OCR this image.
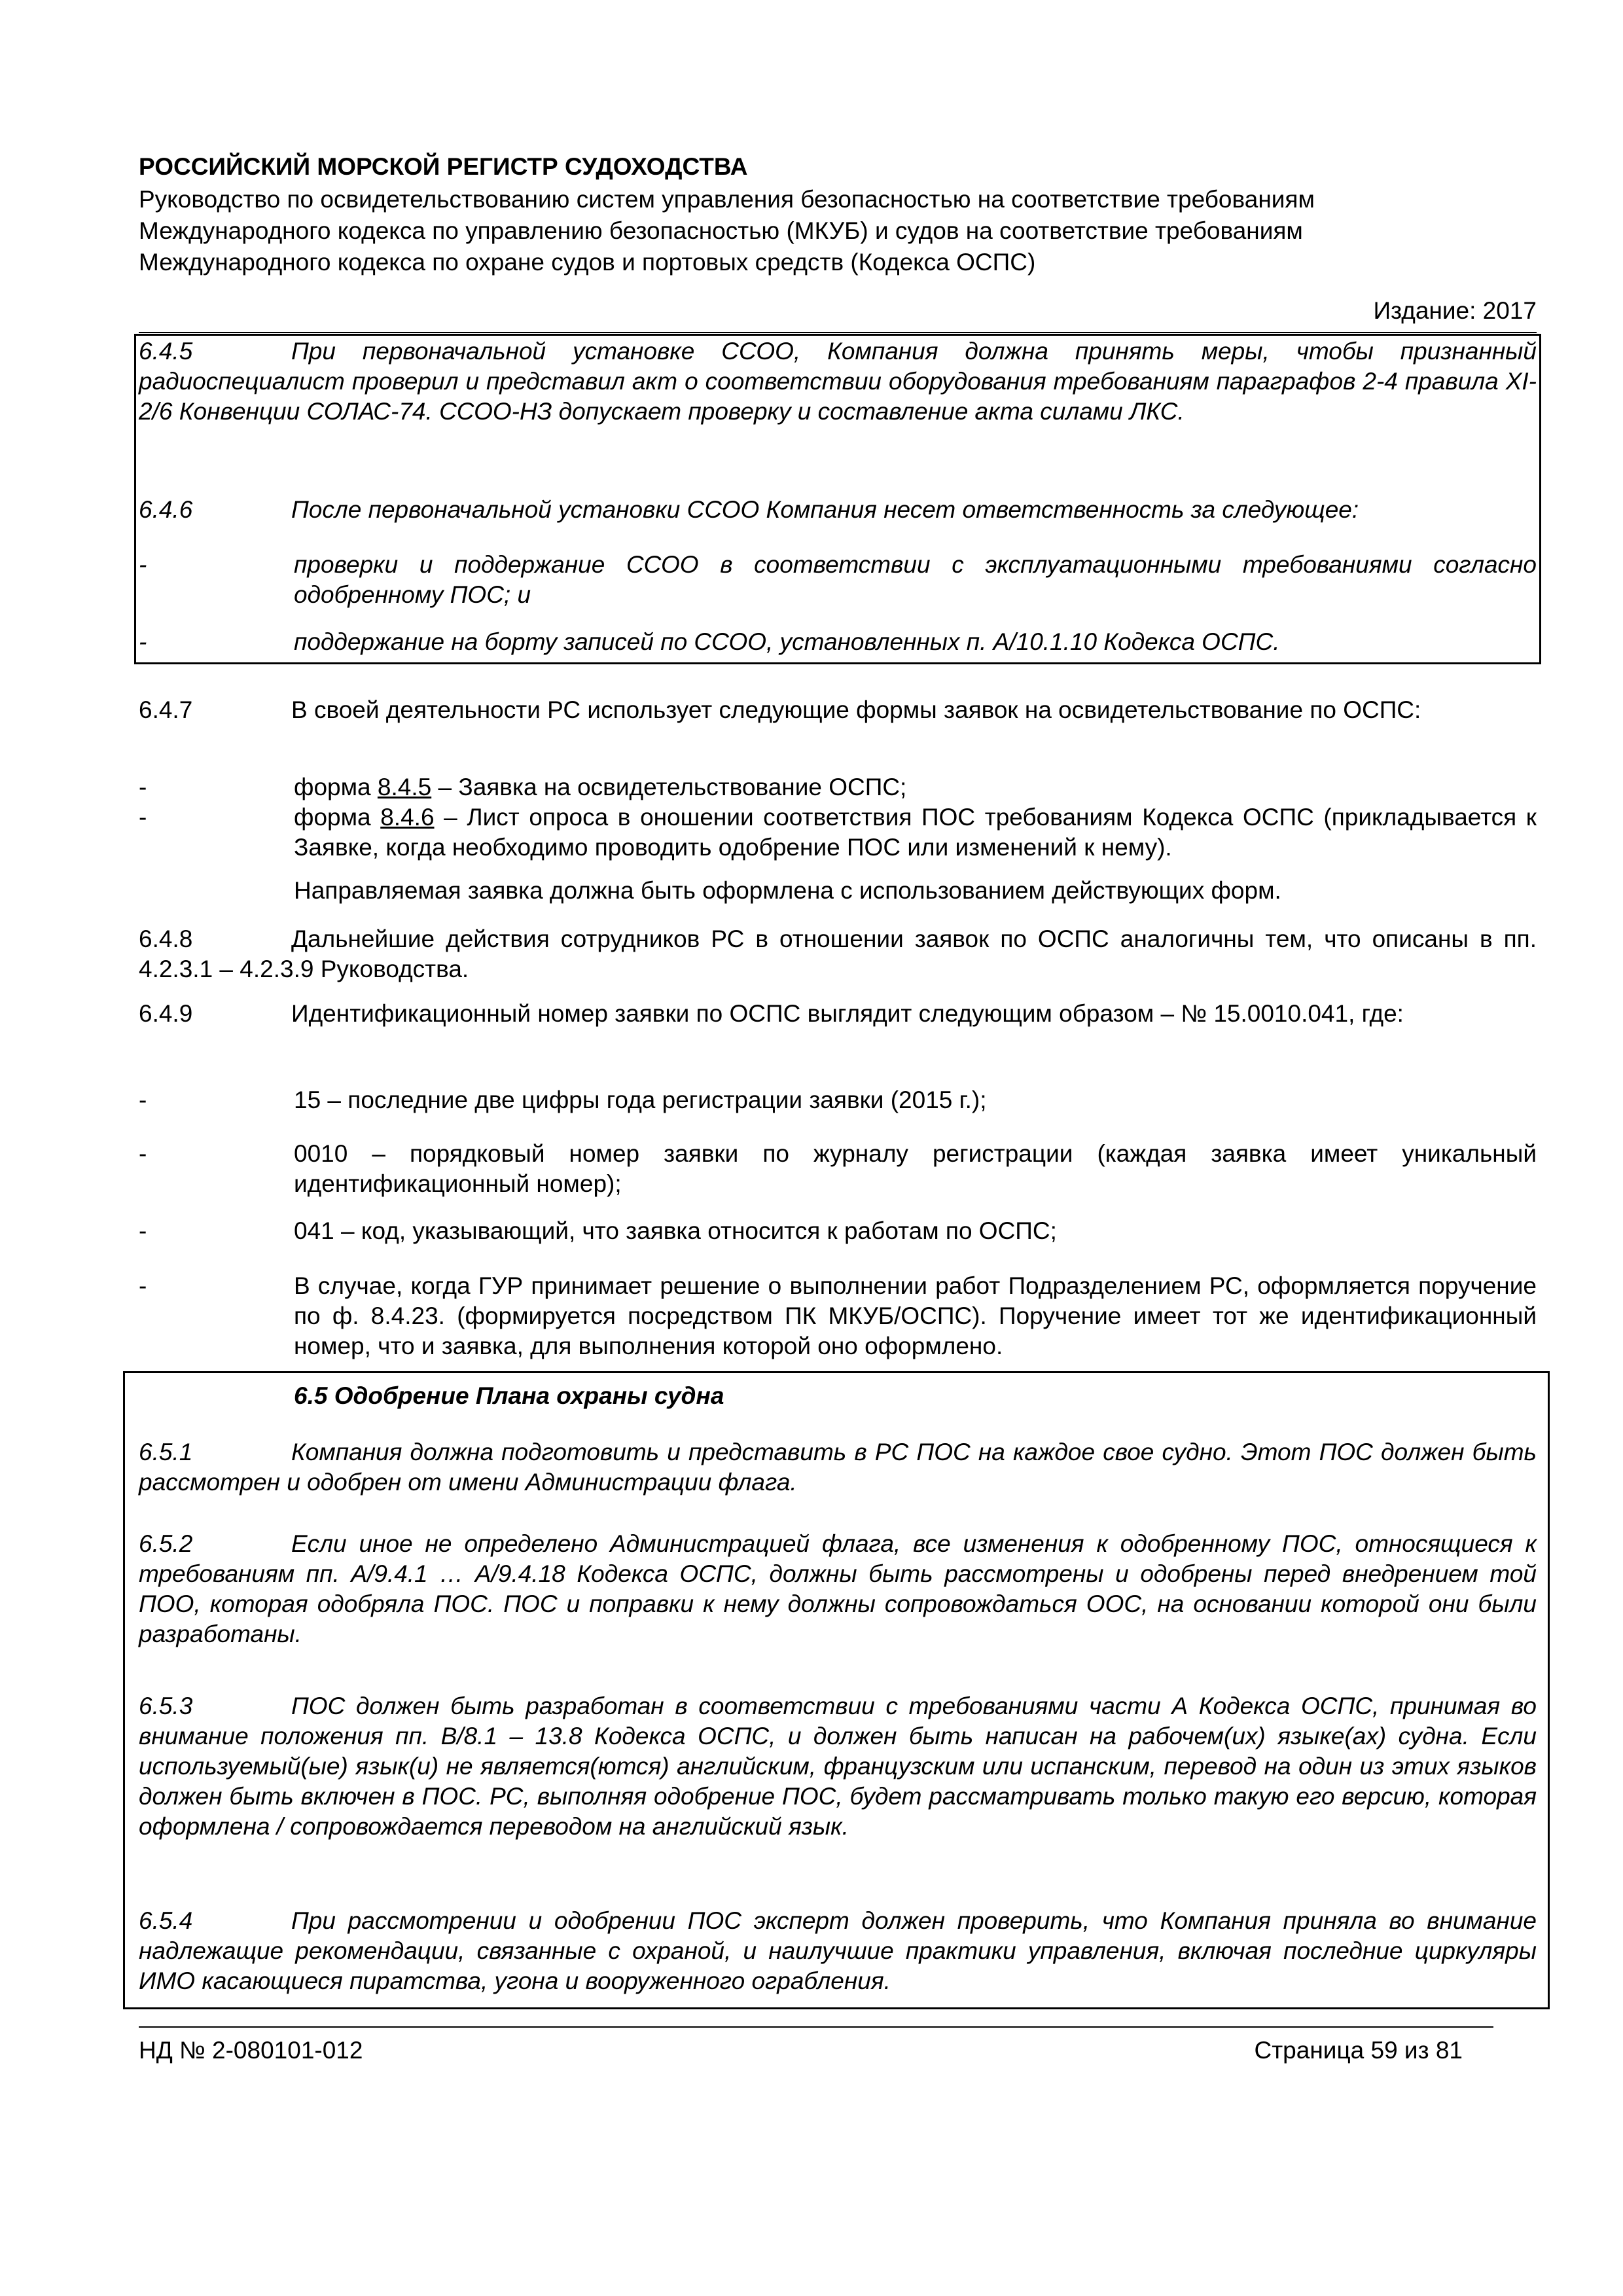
РОССИЙСКИЙ МОРСКОЙ РЕГИСТР СУДОХОДСТВА
Руководство по освидетельствованию систем управления безопасностью на соответствие требованиям
Международного кодекса по управлению безопасностью (МКУБ) и судов на соответствие требованиям
Международного кодекса по охране судов и портовых средств (Кодекса ОСПС)
Издание: 2017
6.4.5	При первоначальной установке ССОО, Компания должна принять меры, чтобы признанный радиоспециалист проверил и представил акт о соответствии оборудования требованиям параграфов 2-4 правила XI-2/6 Конвенции СОЛАС-74. ССОО-НЗ допускает проверку и составление акта силами ЛКС.
6.4.6	После первоначальной установки ССОО Компания несет ответственность за следующее:
-	проверки и поддержание ССОО в соответствии с эксплуатационными требованиями согласно одобренному ПОС; и
-	поддержание на борту записей по ССОО, установленных п. А/10.1.10 Кодекса ОСПС.
6.4.7	В своей деятельности РС использует следующие формы заявок на освидетельствование по ОСПС:
-	форма 8.4.5 – Заявка на освидетельствование ОСПС;
-	форма 8.4.6 – Лист опроса в оношении соответствия ПОС требованиям Кодекса ОСПС (прикладывается к Заявке, когда необходимо проводить одобрение ПОС или изменений к нему).
Направляемая заявка должна быть оформлена с использованием действующих форм.
6.4.8	Дальнейшие действия сотрудников РС в отношении заявок по ОСПС аналогичны тем, что описаны в пп. 4.2.3.1 – 4.2.3.9 Руководства.
6.4.9	Идентификационный номер заявки по ОСПС выглядит следующим образом – № 15.0010.041, где:
-	15 – последние две цифры года регистрации заявки (2015 г.);
-	0010 – порядковый номер заявки по журналу регистрации (каждая заявка имеет уникальный идентификационный номер);
-	041 – код, указывающий, что заявка относится к работам по ОСПС;
-	В случае, когда ГУР принимает решение о выполнении работ Подразделением РС, оформляется поручение по ф. 8.4.23. (формируется посредством ПК МКУБ/ОСПС). Поручение имеет тот же идентификационный номер, что и заявка, для выполнения которой оно оформлено.
6.5 Одобрение Плана охраны судна
6.5.1	Компания должна подготовить и представить в РС ПОС на каждое свое судно. Этот ПОС должен быть рассмотрен и одобрен от имени Администрации флага.
6.5.2	Если иное не определено Администрацией флага, все изменения к одобренному ПОС, относящиеся к требованиям пп. А/9.4.1 … А/9.4.18 Кодекса ОСПС, должны быть рассмотрены и одобрены перед внедрением той ПОО, которая одобряла ПОС. ПОС и поправки к нему должны сопровождаться ООС, на основании которой они были разработаны.
6.5.3	ПОС должен быть разработан в соответствии с требованиями части А Кодекса ОСПС, принимая во внимание положения пп. В/8.1 – 13.8 Кодекса ОСПС, и должен быть написан на рабочем(их) языке(ах) судна. Если используемый(ые) язык(и) не является(ются) английским, французским или испанским, перевод на один из этих языков должен быть включен в ПОС. РС, выполняя одобрение ПОС, будет рассматривать только такую его версию, которая оформлена / сопровождается переводом на английский язык.
6.5.4	При рассмотрении и одобрении ПОС эксперт должен проверить, что Компания приняла во внимание надлежащие рекомендации, связанные с охраной, и наилучшие практики управления, включая последние циркуляры ИМО касающиеся пиратства, угона и вооруженного ограбления.
НД № 2-080101-012	Страница 59 из 81
